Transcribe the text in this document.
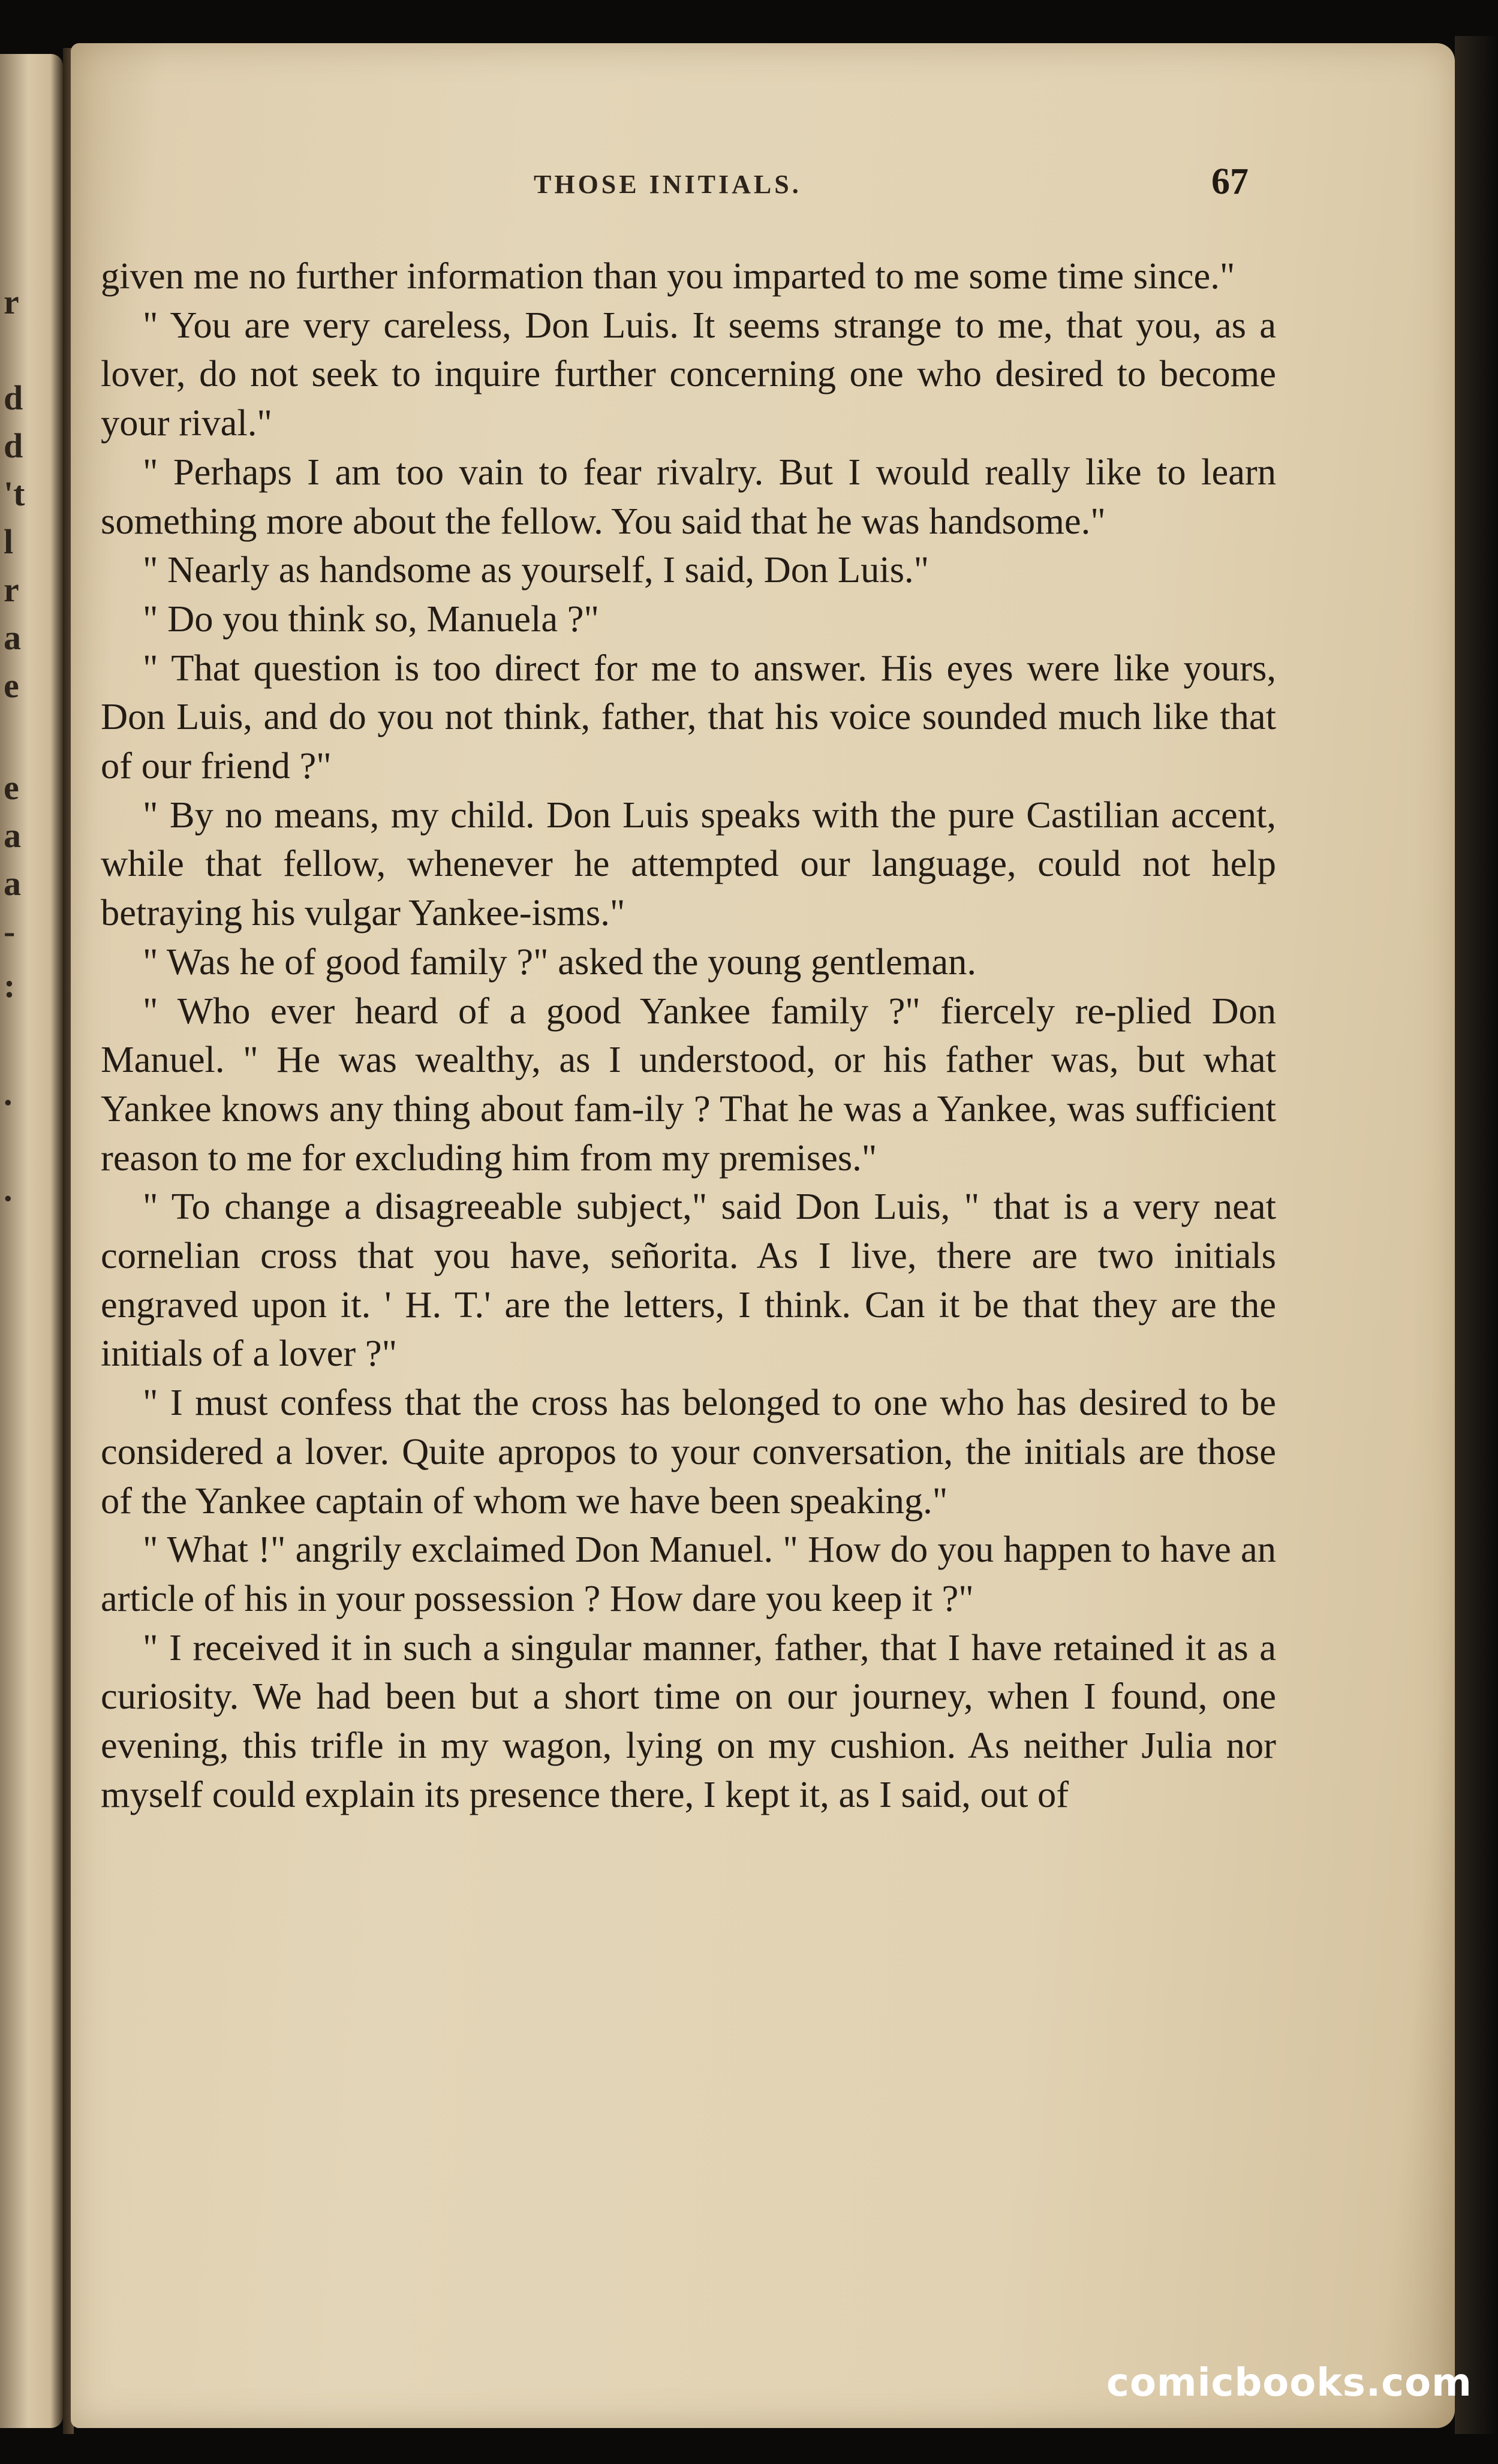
r
d
d
't
l
r
a
e
e
a
a
-
:
.
.
THOSE INITIALS.	67

given me no further information than you imparted to me some time since."

" You are very careless, Don Luis. It seems strange to me, that you, as a lover, do not seek to inquire further concerning one who desired to become your rival."

" Perhaps I am too vain to fear rivalry. But I would really like to learn something more about the fellow. You said that he was handsome."

" Nearly as handsome as yourself, I said, Don Luis."

" Do you think so, Manuela ?"

" That question is too direct for me to answer. His eyes were like yours, Don Luis, and do you not think, father, that his voice sounded much like that of our friend ?"

" By no means, my child. Don Luis speaks with the pure Castilian accent, while that fellow, whenever he attempted our language, could not help betraying his vulgar Yankee-isms."

" Was he of good family ?" asked the young gentleman.

" Who ever heard of a good Yankee family ?" fiercely re-plied Don Manuel. " He was wealthy, as I understood, or his father was, but what Yankee knows any thing about fam-ily ? That he was a Yankee, was sufficient reason to me for excluding him from my premises."

" To change a disagreeable subject," said Don Luis, " that is a very neat cornelian cross that you have, señorita. As I live, there are two initials engraved upon it. ' H. T.' are the letters, I think. Can it be that they are the initials of a lover ?"

" I must confess that the cross has belonged to one who has desired to be considered a lover. Quite apropos to your conversation, the initials are those of the Yankee captain of whom we have been speaking."

" What !" angrily exclaimed Don Manuel. " How do you happen to have an article of his in your possession ? How dare you keep it ?"

" I received it in such a singular manner, father, that I have retained it as a curiosity. We had been but a short time on our journey, when I found, one evening, this trifle in my wagon, lying on my cushion. As neither Julia nor myself could explain its presence there, I kept it, as I said, out of

comicbooks.com
